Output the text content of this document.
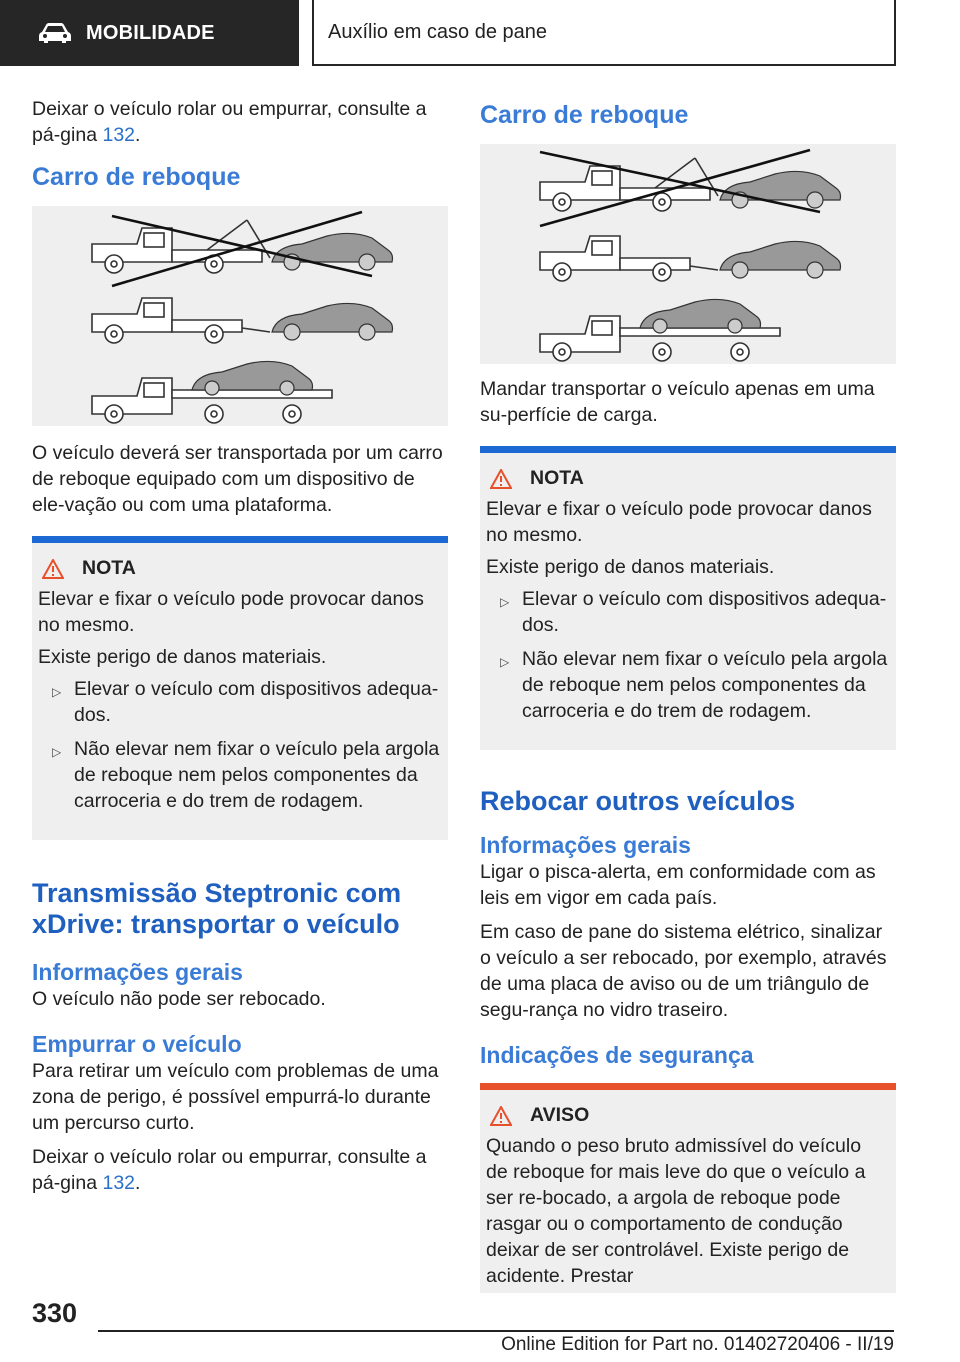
MOBILIDADE	Auxílio em caso de pane

Deixar o veículo rolar ou empurrar, consulte a pá-gina 132.

Carro de reboque

O veículo deverá ser transportada por um carro de reboque equipado com um dispositivo de ele-vação ou com uma plataforma.

NOTA

Elevar e fixar o veículo pode provocar danos no mesmo.

Existe perigo de danos materiais.

▷ Elevar o veículo com dispositivos adequa-dos.
▷ Não elevar nem fixar o veículo pela argola de reboque nem pelos componentes da carroceria e do trem de rodagem.
Transmissão Steptronic com xDrive: transportar o veículo
Informações gerais

O veículo não pode ser rebocado.

Empurrar o veículo

Para retirar um veículo com problemas de uma zona de perigo, é possível empurrá-lo durante um percurso curto.

Deixar o veículo rolar ou empurrar, consulte a pá-gina 132.

Carro de reboque

Mandar transportar o veículo apenas em uma su-perfície de carga.

NOTA

Elevar e fixar o veículo pode provocar danos no mesmo.

Existe perigo de danos materiais.

▷ Elevar o veículo com dispositivos adequa-dos.
▷ Não elevar nem fixar o veículo pela argola de reboque nem pelos componentes da carroceria e do trem de rodagem.
Rebocar outros veículos
Informações gerais

Ligar o pisca-alerta, em conformidade com as leis em vigor em cada país.

Em caso de pane do sistema elétrico, sinalizar o veículo a ser rebocado, por exemplo, através de uma placa de aviso ou de um triângulo de segu-rança no vidro traseiro.

Indicações de segurança
AVISO

Quando o peso bruto admissível do veículo de reboque for mais leve do que o veículo a ser re-bocado, a argola de reboque pode rasgar ou o comportamento de condução deixar de ser controlável. Existe perigo de acidente. Prestar

330
Online Edition for Part no. 01402720406 - II/19
